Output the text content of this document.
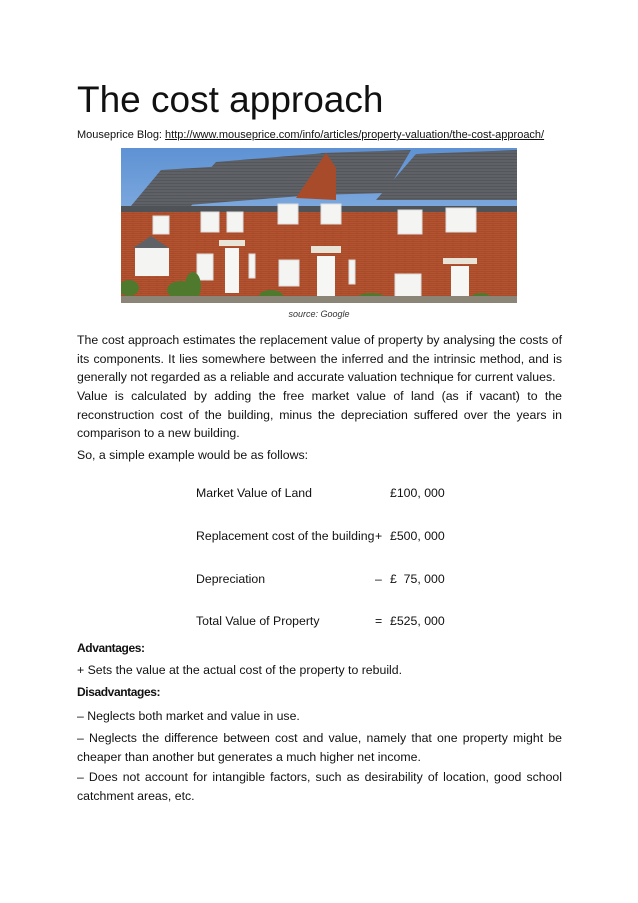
The cost approach
Mouseprice Blog: http://www.mouseprice.com/info/articles/property-valuation/the-cost-approach/
source: Google

The cost approach estimates the replacement value of property by analysing the costs of its components. It lies somewhere between the inferred and the intrinsic method, and is generally not regarded as a reliable and accurate valuation technique for current values.

Value is calculated by adding the free market value of land (as if vacant) to the reconstruction cost of the building, minus the depreciation suffered over the years in comparison to a new building.

So, a simple example would be as follows:

Market Value of Land	£100, 000
Replacement cost of the building + £500, 000
Depreciation	– £  75, 000
Total Value of Property	= £525, 000
Advantages:

+ Sets the value at the actual cost of the property to rebuild.

Disadvantages:

– Neglects both market and value in use.

– Neglects the difference between cost and value, namely that one property might be cheaper than another but generates a much higher net income.

– Does not account for intangible factors, such as desirability of location, good school catchment areas, etc.
